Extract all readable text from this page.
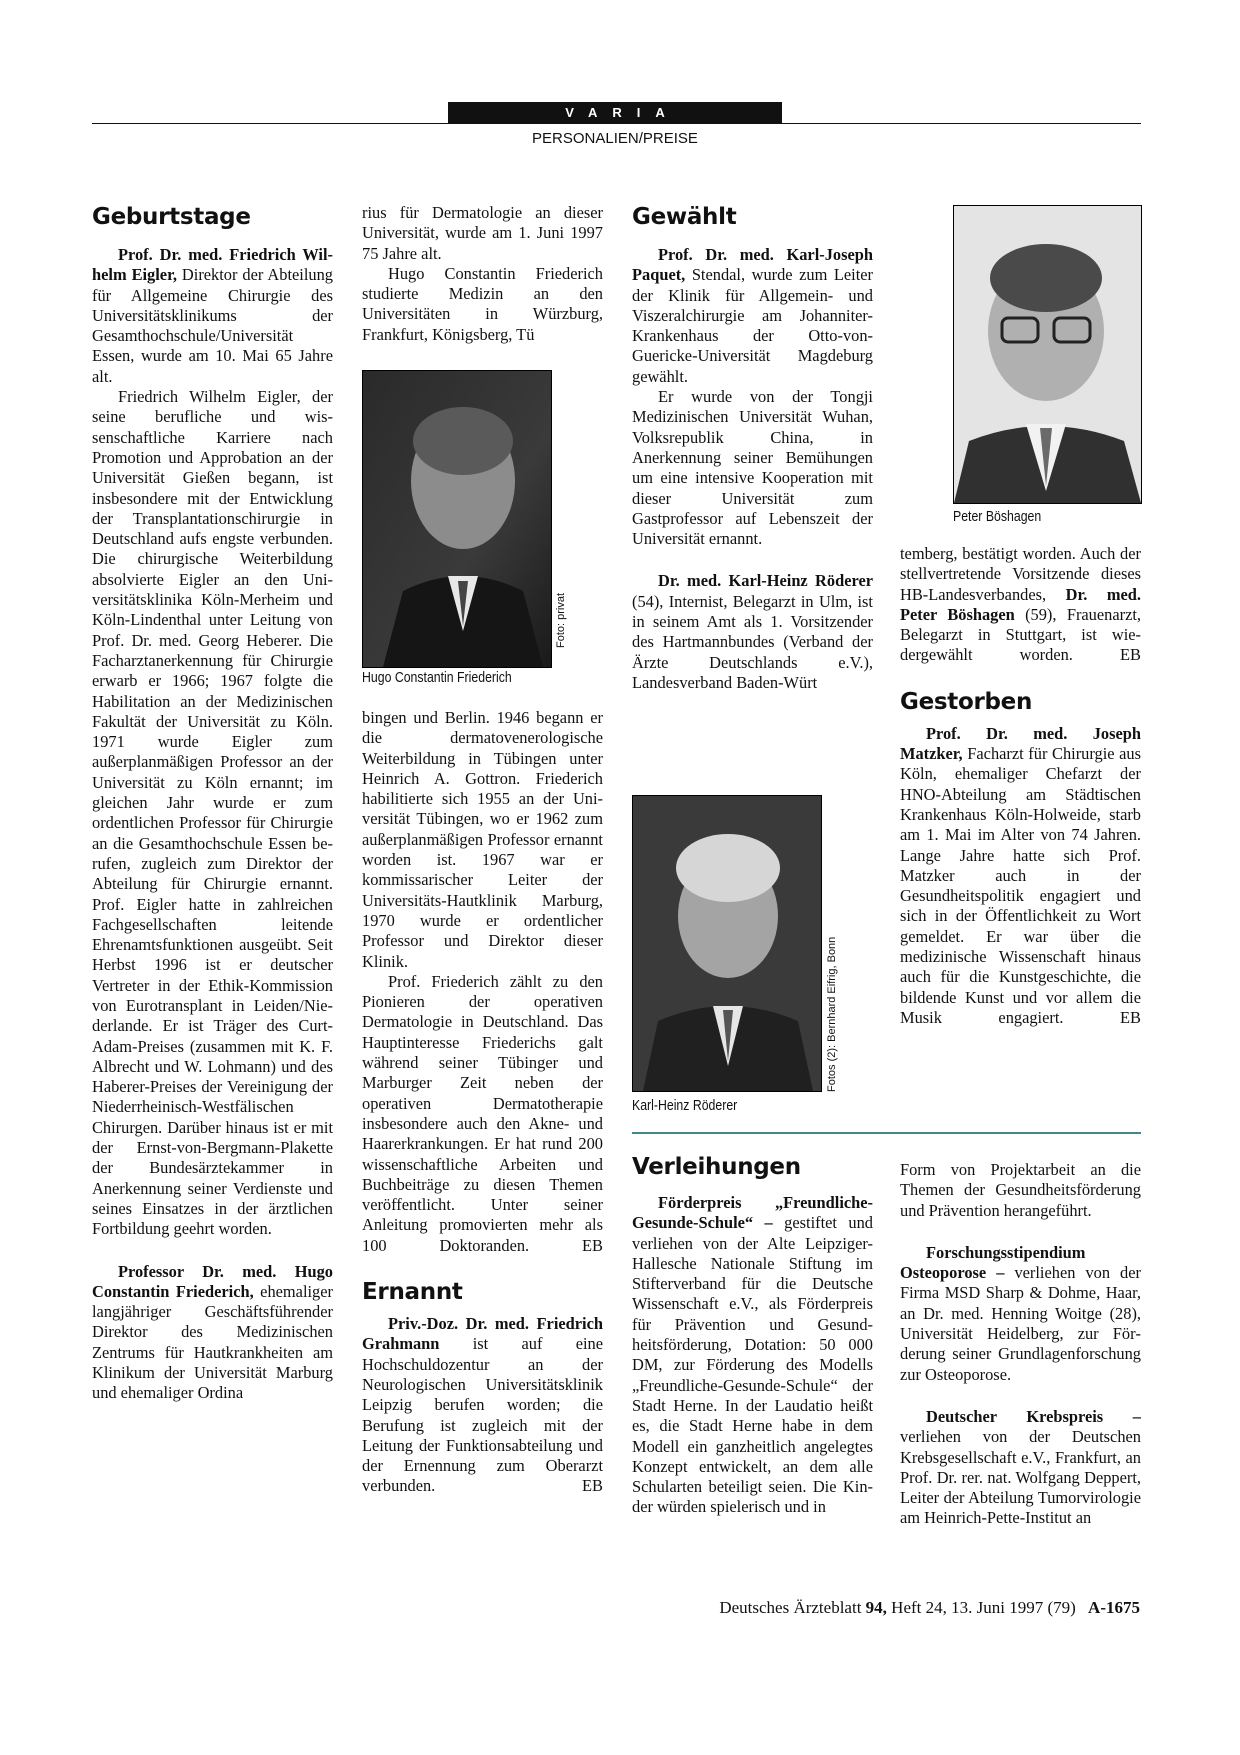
VARIA
PERSONALIEN/PREISE
Geburtstage

Prof. Dr. med. Friedrich Wilhelm Eigler, Direktor der Abteilung für Allgemeine Chirurgie des Universitätsklinikums der Gesamthochschule/Universität Essen, wurde am 10. Mai 65 Jahre alt.

Friedrich Wilhelm Eigler, der seine berufliche und wissenschaftliche Karriere nach Promotion und Approbation an der Universität Gießen begann, ist insbesondere mit der Entwicklung der Transplantationschirurgie in Deutschland aufs engste verbunden. Die chirurgische Weiterbildung absolvierte Eigler an den Universitätsklinika Köln-Merheim und Köln-Lindenthal unter Leitung von Prof. Dr. med. Georg Heberer. Die Facharztanerkennung für Chirurgie erwarb er 1966; 1967 folgte die Habilitation an der Medizinischen Fakultät der Universität zu Köln. 1971 wurde Eigler zum außerplanmäßigen Professor an der Universität zu Köln ernannt; im gleichen Jahr wurde er zum ordentlichen Professor für Chirurgie an die Gesamthochschule Essen berufen, zugleich zum Direktor der Abteilung für Chirurgie ernannt. Prof. Eigler hatte in zahlreichen Fachgesellschaften leitende Ehrenamtsfunktionen ausgeübt. Seit Herbst 1996 ist er deutscher Vertreter in der Ethik-Kommission von Eurotransplant in Leiden/Niederlande. Er ist Träger des Curt-Adam-Preises (zusammen mit K. F. Albrecht und W. Lohmann) und des Haberer-Preises der Vereinigung der Niederrheinisch-Westfälischen Chirurgen. Darüber hinaus ist er mit der Ernst-von-Bergmann-Plakette der Bundesärztekammer in Anerkennung seiner Verdienste und seines Einsatzes in der ärztlichen Fortbildung geehrt worden.

Professor Dr. med. Hugo Constantin Friederich, ehemaliger langjähriger Geschäftsführender Direktor des Medizinischen Zentrums für Hautkrankheiten am Klinikum der Universität Marburg und ehemaliger Ordina

rius für Dermatologie an dieser Universität, wurde am 1. Juni 1997 75 Jahre alt.

Hugo Constantin Friederich studierte Medizin an den Universitäten in Würzburg, Frankfurt, Königsberg, Tü

Foto: privat
Hugo Constantin Friederich

bingen und Berlin. 1946 begann er die dermatovenerologische Weiterbildung in Tübingen unter Heinrich A. Gottron. Friederich habilitierte sich 1955 an der Universität Tübingen, wo er 1962 zum außerplanmäßigen Professor ernannt worden ist. 1967 war er kommissarischer Leiter der Universitäts-Hautklinik Marburg, 1970 wurde er ordentlicher Professor und Direktor dieser Klinik.

Prof. Friederich zählt zu den Pionieren der operativen Dermatologie in Deutschland. Das Hauptinteresse Friederichs galt während seiner Tübinger und Marburger Zeit neben der operativen Dermatotherapie insbesondere auch den Akne- und Haarerkrankungen. Er hat rund 200 wissenschaftliche Arbeiten und Buchbeiträge zu diesen Themen veröffentlicht. Unter seiner Anleitung promovierten mehr als 100 Doktoranden.	EB

Ernannt

Priv.-Doz. Dr. med. Friedrich Grahmann ist auf eine Hochschuldozentur an der Neurologischen Universitätsklinik Leipzig berufen worden; die Berufung ist zugleich mit der Leitung der Funktionsabteilung und der Ernennung zum Oberarzt verbunden.	EB

Gewählt

Prof. Dr. med. Karl-Joseph Paquet, Stendal, wurde zum Leiter der Klinik für Allgemein- und Viszeralchirurgie am Johanniter-Krankenhaus der Otto-von-Guericke-Universität Magdeburg gewählt.

Er wurde von der Tongji Medizinischen Universität Wuhan, Volksrepublik China, in Anerkennung seiner Bemühungen um eine intensive Kooperation mit dieser Universität zum Gastprofessor auf Lebenszeit der Universität ernannt.

Dr. med. Karl-Heinz Röderer (54), Internist, Belegarzt in Ulm, ist in seinem Amt als 1. Vorsitzender des Hartmannbundes (Verband der Ärzte Deutschlands e.V.), Landesverband Baden-Würt

Fotos (2): Bernhard Eifrig, Bonn
Karl-Heinz Röderer
Peter Böshagen

temberg, bestätigt worden. Auch der stellvertretende Vorsitzende dieses HB-Landesverbandes, Dr. med. Peter Böshagen (59), Frauenarzt, Belegarzt in Stuttgart, ist wiedergewählt worden.	EB

Gestorben

Prof. Dr. med. Joseph Matzker, Facharzt für Chirurgie aus Köln, ehemaliger Chefarzt der HNO-Abteilung am Städtischen Krankenhaus Köln-Holweide, starb am 1. Mai im Alter von 74 Jahren. Lange Jahre hatte sich Prof. Matzker auch in der Gesundheitspolitik engagiert und sich in der Öffentlichkeit zu Wort gemeldet. Er war über die medizinische Wissenschaft hinaus auch für die Kunstgeschichte, die bildende Kunst und vor allem die Musik engagiert.	EB

Verleihungen

Förderpreis „Freundliche-Gesunde-Schule“ – gestiftet und verliehen von der Alte Leipziger-Hallesche Nationale Stiftung im Stifterverband für die Deutsche Wissenschaft e.V., als Förderpreis für Prävention und Gesundheitsförderung, Dotation: 50 000 DM, zur Förderung des Modells „Freundliche-Gesunde-Schule“ der Stadt Herne. In der Laudatio heißt es, die Stadt Herne habe in dem Modell ein ganzheitlich angelegtes Konzept entwickelt, an dem alle Schularten beteiligt seien. Die Kinder würden spielerisch und in

Form von Projektarbeit an die Themen der Gesundheitsförderung und Prävention herangeführt.

Forschungsstipendium Osteoporose – verliehen von der Firma MSD Sharp & Dohme, Haar, an Dr. med. Henning Woitge (28), Universität Heidelberg, zur Förderung seiner Grundlagenforschung zur Osteoporose.

Deutscher Krebspreis – verliehen von der Deutschen Krebsgesellschaft e.V., Frankfurt, an Prof. Dr. rer. nat. Wolfgang Deppert, Leiter der Abteilung Tumorvirologie am Heinrich-Pette-Institut an

Deutsches Ärzteblatt 94, Heft 24, 13. Juni 1997 (79) A-1675
